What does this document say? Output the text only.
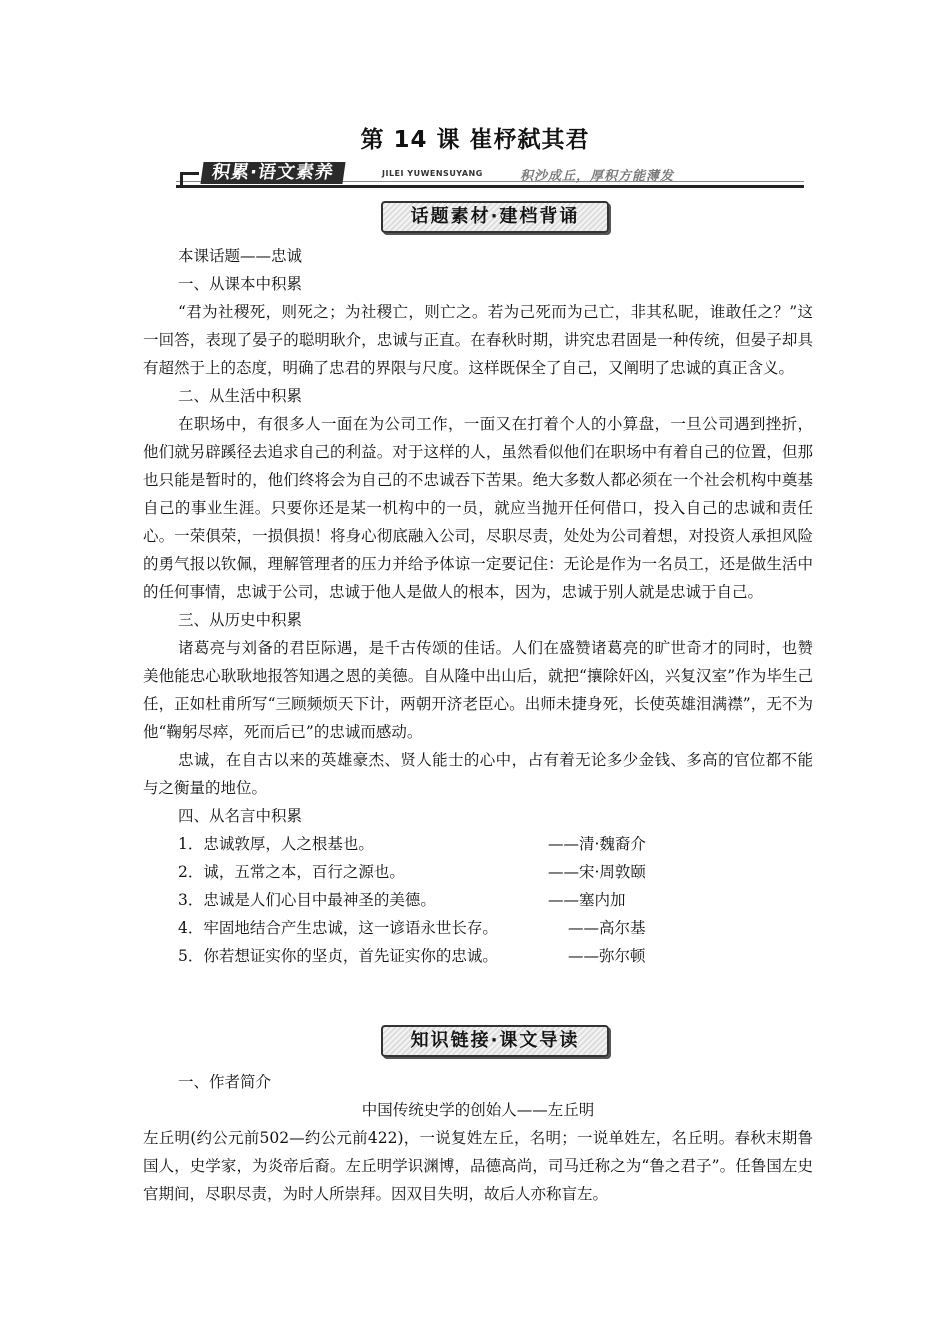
第 14 课 崔杼弑其君
积累·语文素养	JILEI YUWENSUYANG	积沙成丘，厚积方能薄发
话题素材·建档背诵

本课话题——忠诚

一、从课本中积累

“君为社稷死，则死之；为社稷亡，则亡之。若为己死而为己亡，非其私昵，谁敢任之？”这一回答，表现了晏子的聪明耿介，忠诚与正直。在春秋时期，讲究忠君固是一种传统，但晏子却具有超然于上的态度，明确了忠君的界限与尺度。这样既保全了自己，又阐明了忠诚的真正含义。

二、从生活中积累

在职场中，有很多人一面在为公司工作，一面又在打着个人的小算盘，一旦公司遇到挫折，他们就另辟蹊径去追求自己的利益。对于这样的人，虽然看似他们在职场中有着自己的位置，但那也只能是暂时的，他们终将会为自己的不忠诚吞下苦果。绝大多数人都必须在一个社会机构中奠基自己的事业生涯。只要你还是某一机构中的一员，就应当抛开任何借口，投入自己的忠诚和责任心。一荣俱荣，一损俱损！将身心彻底融入公司，尽职尽责，处处为公司着想，对投资人承担风险的勇气报以钦佩，理解管理者的压力并给予体谅一定要记住：无论是作为一名员工，还是做生活中的任何事情，忠诚于公司，忠诚于他人是做人的根本，因为，忠诚于别人就是忠诚于自己。

三、从历史中积累

诸葛亮与刘备的君臣际遇，是千古传颂的佳话。人们在盛赞诸葛亮的旷世奇才的同时，也赞美他能忠心耿耿地报答知遇之恩的美德。自从隆中出山后，就把“攘除奸凶，兴复汉室”作为毕生己任，正如杜甫所写“三顾频烦天下计，两朝开济老臣心。出师未捷身死，长使英雄泪满襟”，无不为他“鞠躬尽瘁，死而后已”的忠诚而感动。

忠诚，在自古以来的英雄豪杰、贤人能士的心中，占有着无论多少金钱、多高的官位都不能与之衡量的地位。

四、从名言中积累

1．忠诚敦厚，人之根基也。	——清·魏裔介
2．诚，五常之本，百行之源也。	——宋·周敦颐
3．忠诚是人们心目中最神圣的美德。	——塞内加
4．牢固地结合产生忠诚，这一谚语永世长存。	——高尔基
5．你若想证实你的坚贞，首先证实你的忠诚。	——弥尔顿
知识链接·课文导读

一、作者简介

中国传统史学的创始人——左丘明

左丘明(约公元前502—约公元前422)，一说复姓左丘，名明；一说单姓左，名丘明。春秋末期鲁国人，史学家，为炎帝后裔。左丘明学识渊博，品德高尚，司马迁称之为“鲁之君子”。任鲁国左史官期间，尽职尽责，为时人所崇拜。因双目失明，故后人亦称盲左。
